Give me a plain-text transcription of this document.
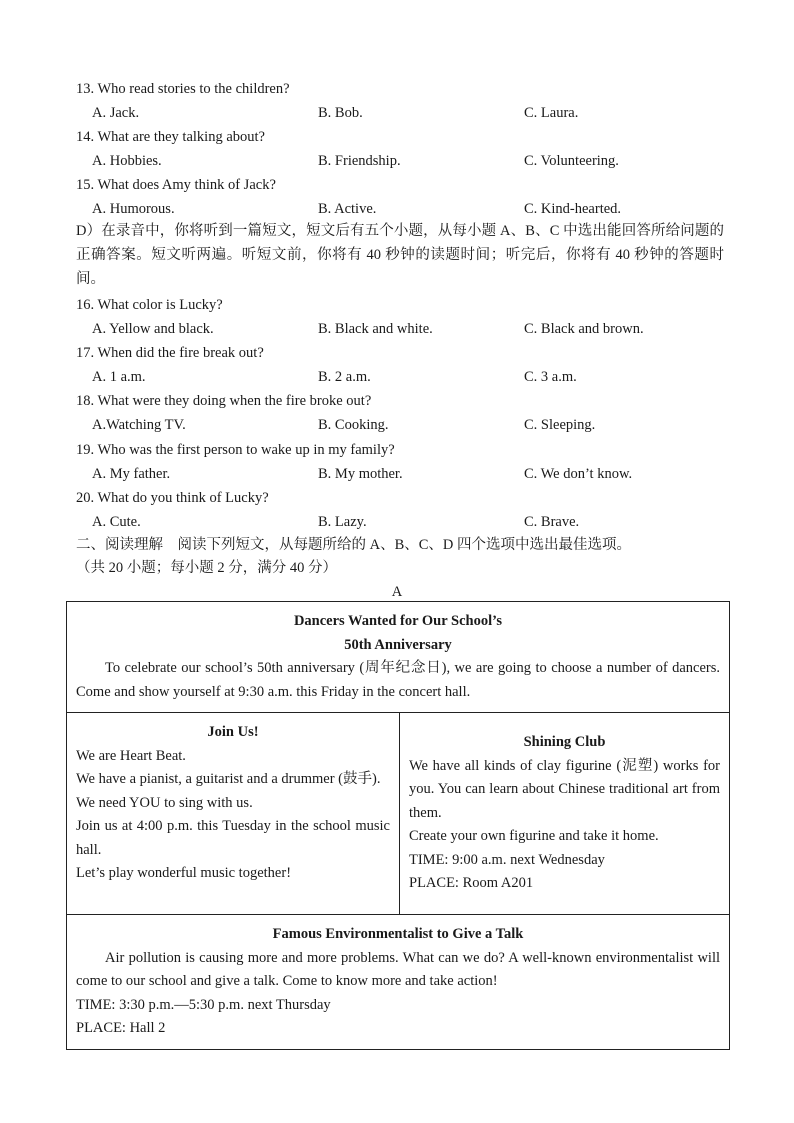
13. Who read stories to the children?
A. Jack.	B. Bob.	C. Laura.
14. What are they talking about?
A. Hobbies.	B. Friendship.	C. Volunteering.
15. What does Amy think of Jack?
A. Humorous.	B. Active.	C. Kind-hearted.
D）在录音中，你将听到一篇短文，短文后有五个小题，从每小题 A、B、C 中选出能回答所给问题的正确答案。短文听两遍。听短文前，你将有 40 秒钟的读题时间；听完后，你将有 40 秒钟的答题时间。
16. What color is Lucky?
A. Yellow and black.	B. Black and white.	C. Black and brown.
17. When did the fire break out?
A. 1 a.m.	B. 2 a.m.	C. 3 a.m.
18. What were they doing when the fire broke out?
A.Watching TV.	B. Cooking.	C. Sleeping.
19. Who was the first person to wake up in my family?
A. My father.	B. My mother.	C. We don’t know.
20. What do you think of Lucky?
A. Cute.	B. Lazy.	C. Brave.
二、阅读理解　阅读下列短文，从每题所给的 A、B、C、D 四个选项中选出最佳选项。
（共 20 小题；每小题 2 分，满分 40 分）
A
Dancers Wanted for Our School’s
50th Anniversary
To celebrate our school’s 50th anniversary (周年纪念日), we are going to choose a number of dancers. Come and show yourself at 9:30 a.m. this Friday in the concert hall.

Join Us!
We are Heart Beat.
We have a pianist, a guitarist and a drummer (鼓手).
We need YOU to sing with us.
Join us at 4:00 p.m. this Tuesday in the school music hall.
Let’s play wonderful music together!

Shining Club
We have all kinds of clay figurine (泥塑) works for you. You can learn about Chinese traditional art from them.
Create your own figurine and take it home.
TIME: 9:00 a.m. next Wednesday
PLACE: Room A201

Famous Environmentalist to Give a Talk
Air pollution is causing more and more problems. What can we do? A well-known environmentalist will come to our school and give a talk. Come to know more and take action!
TIME: 3:30 p.m.—5:30 p.m. next Thursday
PLACE: Hall 2
